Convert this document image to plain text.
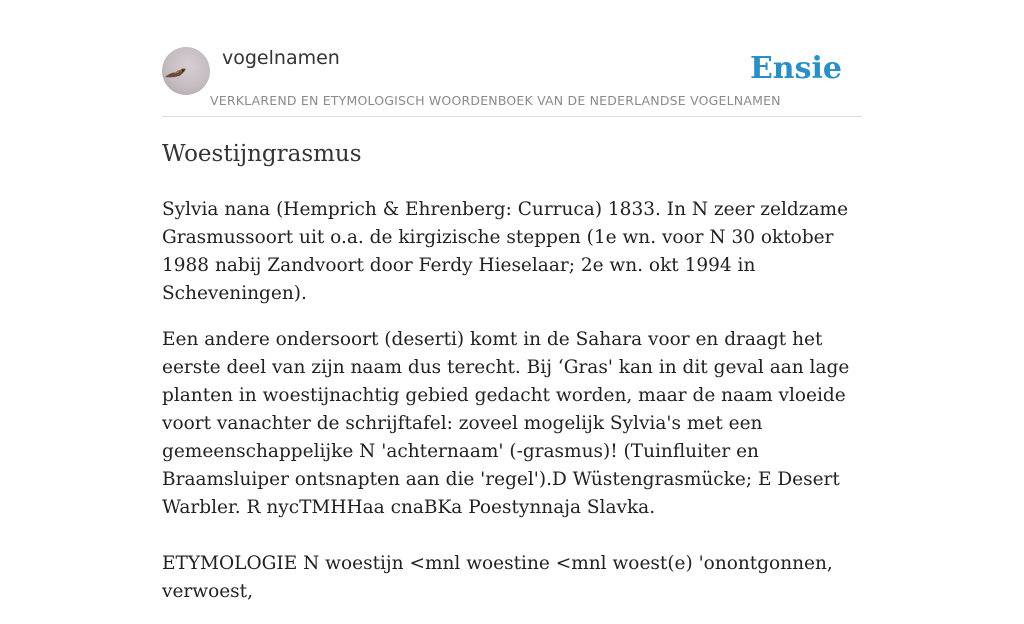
vogelnamen
VERKLAREND EN ETYMOLOGISCH WOORDENBOEK VAN DE NEDERLANDSE VOGELNAMEN
Ensie
Woestijngrasmus

Sylvia nana (Hemprich & Ehrenberg: Curruca) 1833. In N zeer zeldzame Grasmussoort uit o.a. de kirgizische steppen (1e wn. voor N 30 oktober 1988 nabij Zandvoort door Ferdy Hieselaar; 2e wn. okt 1994 in Scheveningen).

Een andere ondersoort (deserti) komt in de Sahara voor en draagt het eerste deel van zijn naam dus terecht. Bij ‘Gras' kan in dit geval aan lage planten in woestijnachtig gebied gedacht worden, maar de naam vloeide voort vanachter de schrijftafel: zoveel mogelijk Sylvia's met een gemeenschappelijke N 'achternaam' (-grasmus)! (Tuinfluiter en Braamsluiper ontsnapten aan die 'regel').D Wüstengrasmücke; E Desert Warbler. R nycTMHHaa cnaBKa Poestynnaja Slavka.

ETYMOLOGIE N woestijn <mnl woestine <mnl woest(e) 'onontgonnen, verwoest,
